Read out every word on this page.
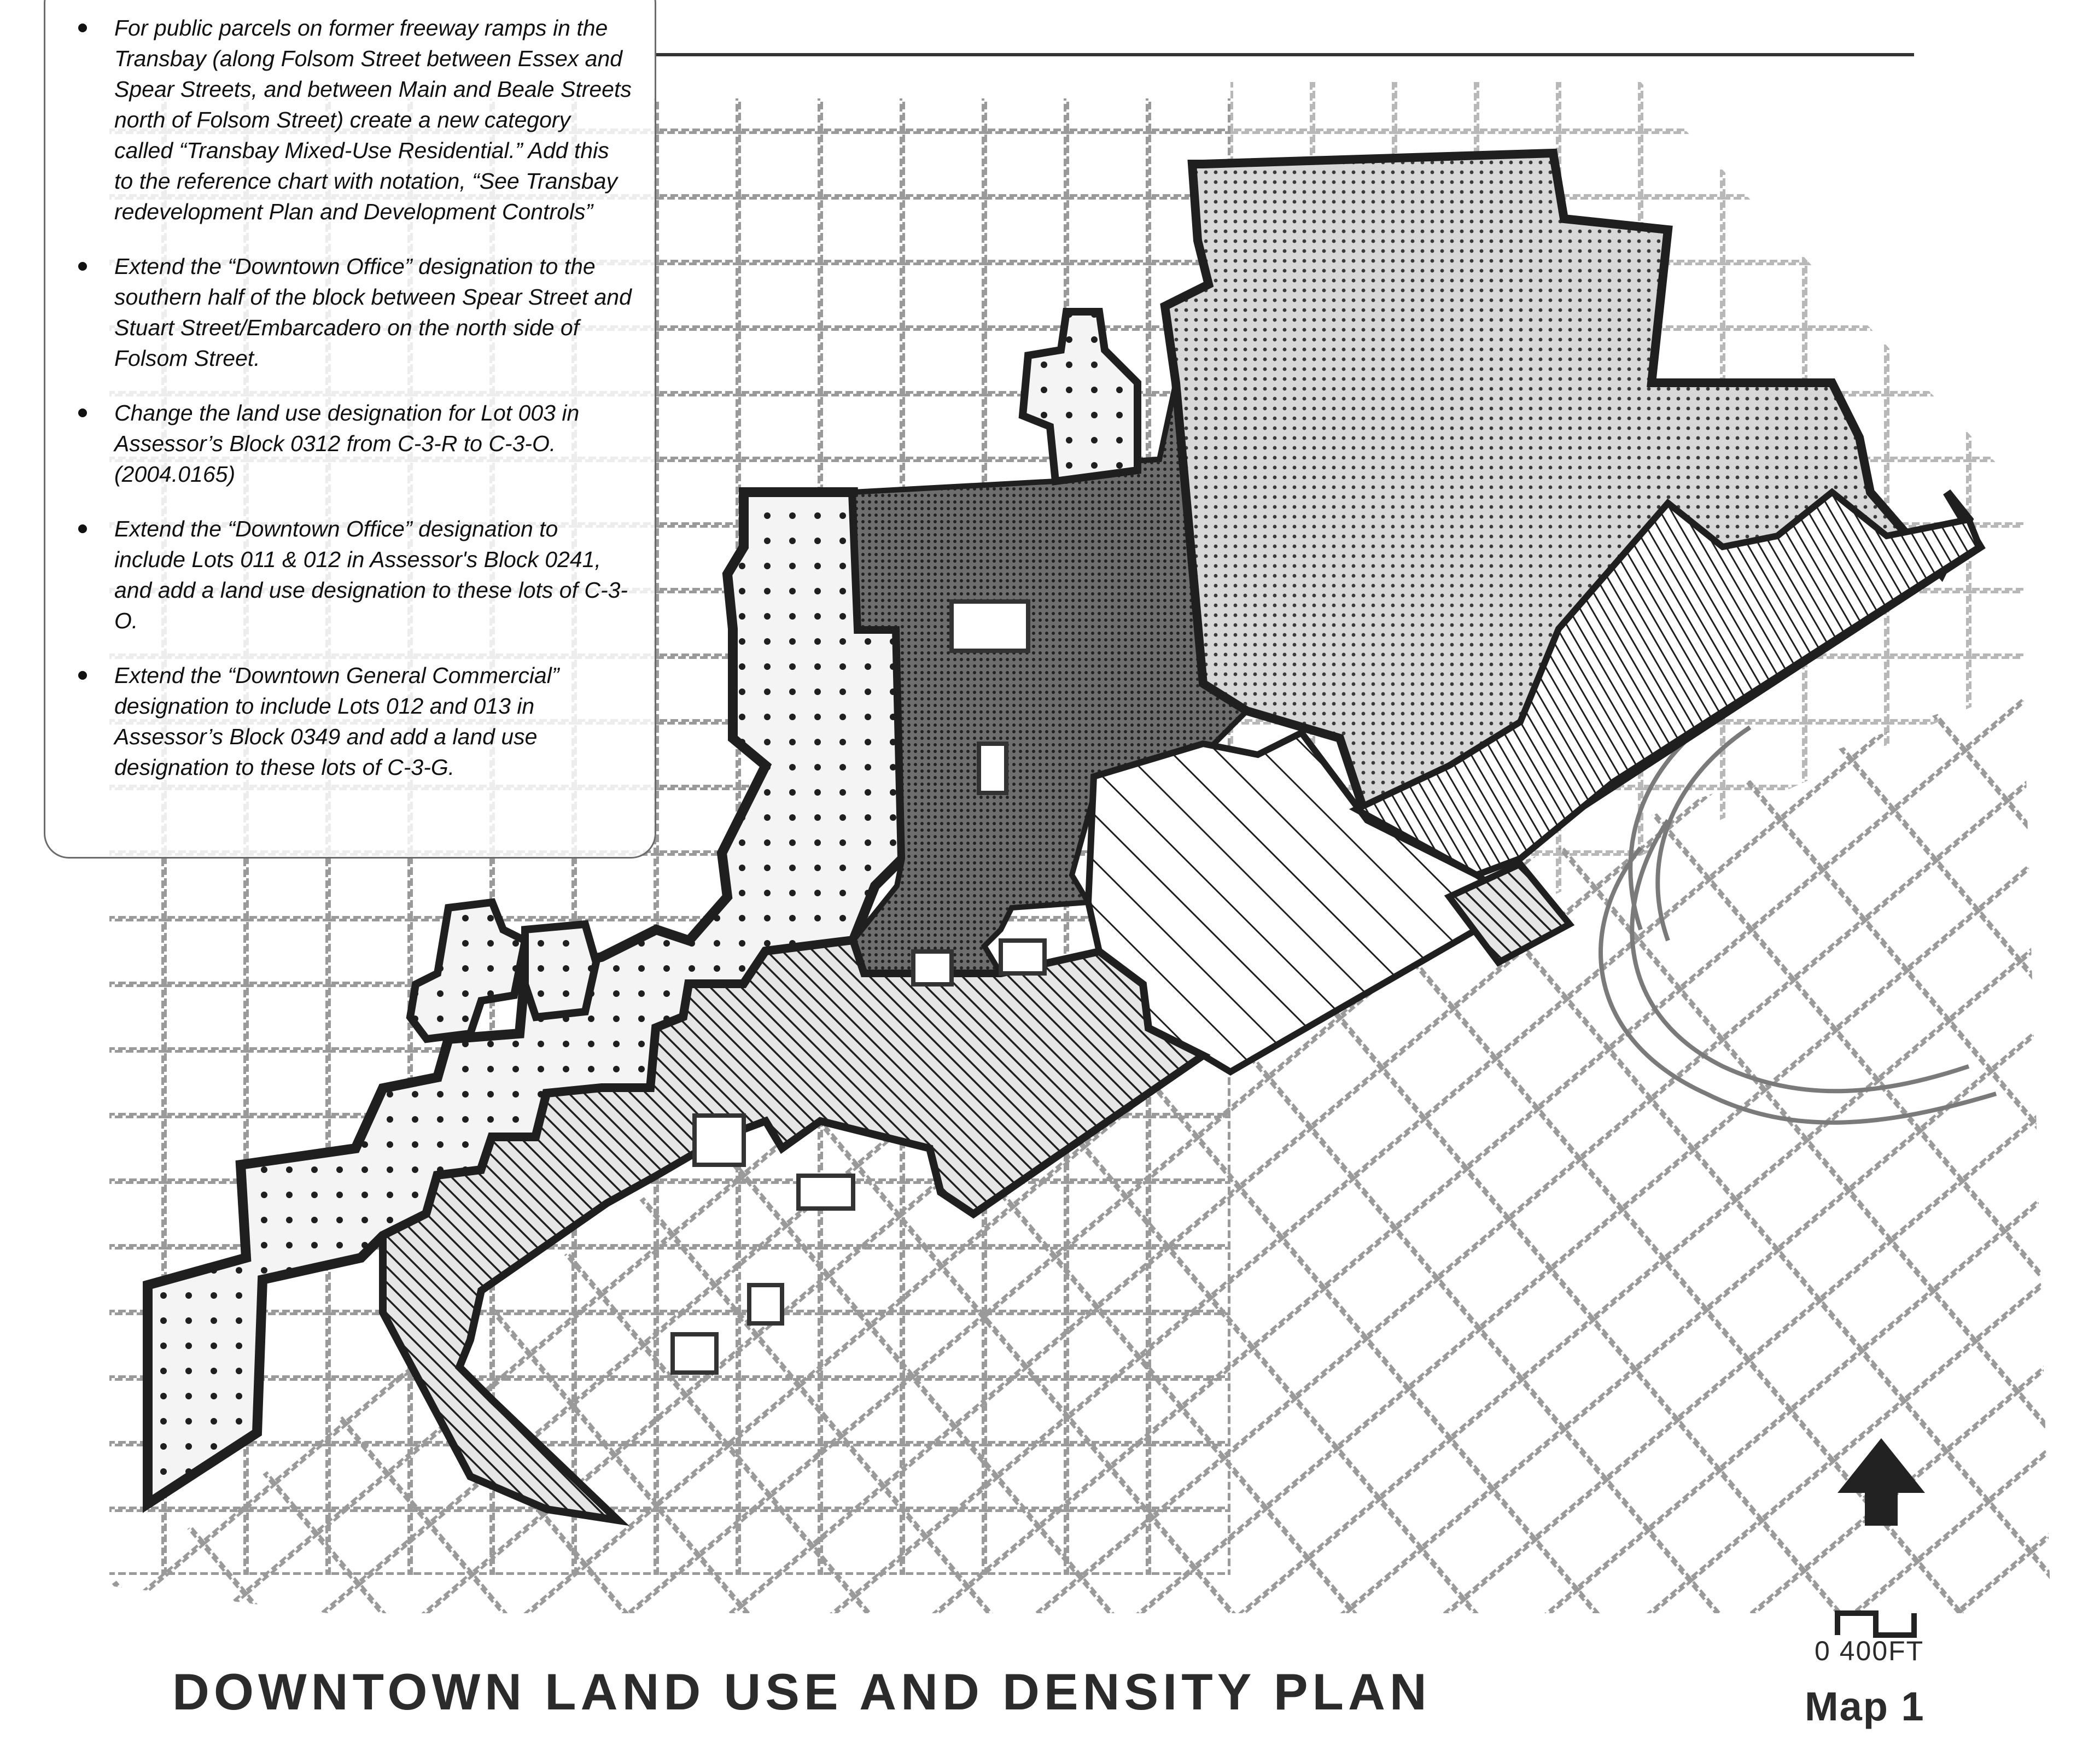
For public parcels on former freeway ramps in the Transbay (along Folsom Street between Essex and Spear Streets, and between Main and Beale Streets north of Folsom Street) create a new category called “Transbay Mixed-Use Residential.” Add this to the reference chart with notation, “See Transbay redevelopment Plan and Development Controls”
Extend the “Downtown Office” designation to the southern half of the block between Spear Street and Stuart Street/Embarcadero on the north side of Folsom Street.
Change the land use designation for Lot 003 in Assessor’s Block 0312 from C-3-R to C-3-O. (2004.0165)
Extend the “Downtown Office” designation to include Lots 011 & 012 in Assessor's Block 0241, and add a land use designation to these lots of C-3-O.
Extend the “Downtown General Commercial” designation to include Lots 012 and 013 in Assessor’s Block 0349 and add a land use designation to these lots of C-3-G.
0 400FT
DOWNTOWN LAND USE AND DENSITY PLAN	Map 1
